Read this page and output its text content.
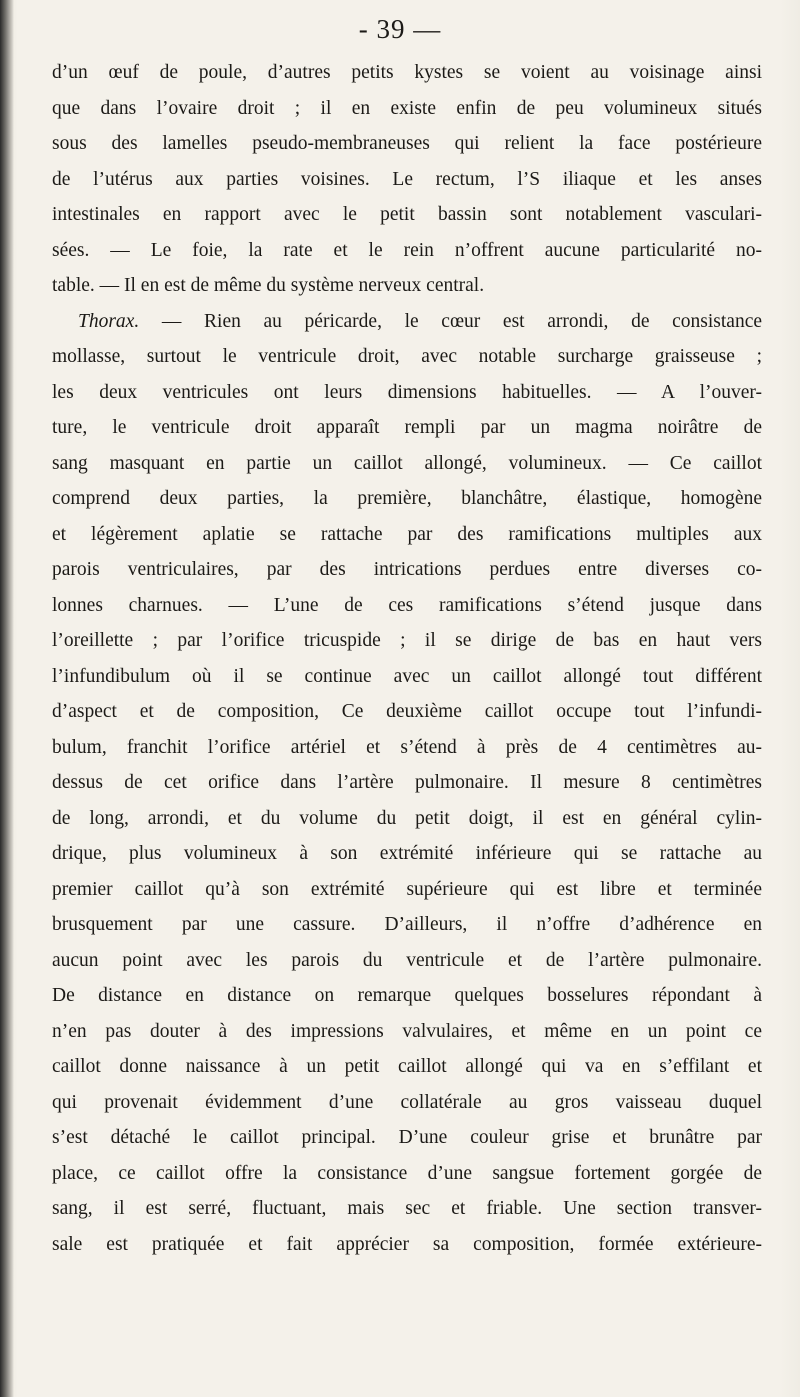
- 39 —
d’un œuf de poule, d’autres petits kystes se voient au voisinage ainsi
que dans l’ovaire droit ; il en existe enfin de peu volumineux situés
sous des lamelles pseudo-membraneuses qui relient la face postérieure
de l’utérus aux parties voisines. Le rectum, l’S iliaque et les anses
intestinales en rapport avec le petit bassin sont notablement vasculari-
sées. — Le foie, la rate et le rein n’offrent aucune particularité no-
table. — Il en est de même du système nerveux central.
Thorax. — Rien au péricarde, le cœur est arrondi, de consistance
mollasse, surtout le ventricule droit, avec notable surcharge graisseuse ;
les deux ventricules ont leurs dimensions habituelles. — A l’ouver-
ture, le ventricule droit apparaît rempli par un magma noirâtre de
sang masquant en partie un caillot allongé, volumineux. — Ce caillot
comprend deux parties, la première, blanchâtre, élastique, homogène
et légèrement aplatie se rattache par des ramifications multiples aux
parois ventriculaires, par des intrications perdues entre diverses co-
lonnes charnues. — L’une de ces ramifications s’étend jusque dans
l’oreillette ; par l’orifice tricuspide ; il se dirige de bas en haut vers
l’infundibulum où il se continue avec un caillot allongé tout différent
d’aspect et de composition, Ce deuxième caillot occupe tout l’infundi-
bulum, franchit l’orifice artériel et s’étend à près de 4 centimètres au-
dessus de cet orifice dans l’artère pulmonaire. Il mesure 8 centimètres
de long, arrondi, et du volume du petit doigt, il est en général cylin-
drique, plus volumineux à son extrémité inférieure qui se rattache au
premier caillot qu’à son extrémité supérieure qui est libre et terminée
brusquement par une cassure. D’ailleurs, il n’offre d’adhérence en
aucun point avec les parois du ventricule et de l’artère pulmonaire.
De distance en distance on remarque quelques bosselures répondant à
n’en pas douter à des impressions valvulaires, et même en un point ce
caillot donne naissance à un petit caillot allongé qui va en s’effilant et
qui provenait évidemment d’une collatérale au gros vaisseau duquel
s’est détaché le caillot principal. D’une couleur grise et brunâtre par
place, ce caillot offre la consistance d’une sangsue fortement gorgée de
sang, il est serré, fluctuant, mais sec et friable. Une section transver-
sale est pratiquée et fait apprécier sa composition, formée extérieure-
